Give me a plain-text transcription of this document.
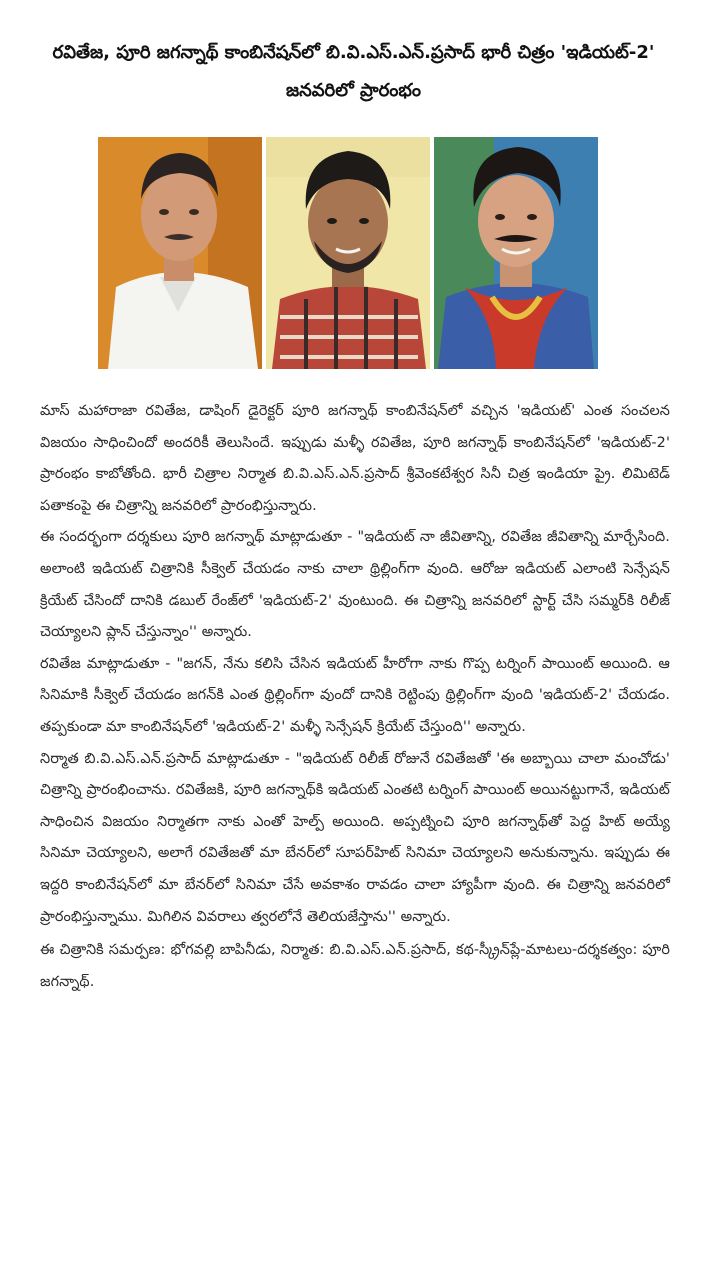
రవితేజ, పూరి జగన్నాథ్ కాంబినేషన్‌లో బి.వి.ఎస్.ఎన్.ప్రసాద్ భారీ చిత్రం 'ఇడియట్-2'
జనవరిలో ప్రారంభం

మాస్ మహారాజా రవితేజ, డాషింగ్ డైరెక్టర్ పూరి జగన్నాథ్ కాంబినేషన్‌లో వచ్చిన 'ఇడియట్' ఎంత సంచలన విజయం సాధించిందో అందరికీ తెలుసిందే. ఇప్పుడు మళ్ళీ రవితేజ, పూరి జగన్నాథ్ కాంబినేషన్‌లో 'ఇడియట్-2' ప్రారంభం కాబోతోంది. భారీ చిత్రాల నిర్మాత బి.వి.ఎస్.ఎన్.ప్రసాద్ శ్రీవెంకటేశ్వర సినీ చిత్ర ఇండియా ప్రై. లిమిటెడ్ పతాకంపై ఈ చిత్రాన్ని జనవరిలో ప్రారంభిస్తున్నారు.

ఈ సందర్భంగా దర్శకులు పూరి జగన్నాథ్ మాట్లాడుతూ - "ఇడియట్ నా జీవితాన్ని, రవితేజ జీవితాన్ని మార్చేసింది. అలాంటి ఇడియట్ చిత్రానికి సీక్వెల్ చేయడం నాకు చాలా థ్రిల్లింగ్‌గా వుంది. ఆరోజు ఇడియట్ ఎలాంటి సెన్సేషన్ క్రియేట్ చేసిందో దానికి డబుల్ రేంజ్‌లో 'ఇడియట్-2' వుంటుంది. ఈ చిత్రాన్ని జనవరిలో స్టార్ట్ చేసి సమ్మర్‌కి రిలీజ్ చెయ్యాలని ప్లాన్ చేస్తున్నాం'' అన్నారు.

రవితేజ మాట్లాడుతూ - "జగన్, నేను కలిసి చేసిన ఇడియట్ హీరోగా నాకు గొప్ప టర్నింగ్ పాయింట్ అయింది. ఆ సినిమాకి సీక్వెల్ చేయడం జగన్‌కి ఎంత థ్రిల్లింగ్‌గా వుందో దానికి రెట్టింపు థ్రిల్లింగ్‌గా వుంది 'ఇడియట్-2' చేయడం. తప్పకుండా మా కాంబినేషన్‌లో 'ఇడియట్-2' మళ్ళీ సెన్సేషన్ క్రియేట్ చేస్తుంది'' అన్నారు.

నిర్మాత బి.వి.ఎస్.ఎన్.ప్రసాద్ మాట్లాడుతూ - "ఇడియట్ రిలీజ్ రోజునే రవితేజతో 'ఈ అబ్బాయి చాలా మంచోడు' చిత్రాన్ని ప్రారంభించాను. రవితేజకి, పూరి జగన్నాథ్‌కి ఇడియట్ ఎంతటి టర్నింగ్ పాయింట్ అయినట్టుగానే, ఇడియట్ సాధించిన విజయం నిర్మాతగా నాకు ఎంతో హెల్ప్ అయింది. అప్పట్నించి పూరి జగన్నాథ్‌తో పెద్ద హిట్ అయ్యే సినిమా చెయ్యాలని, అలాగే రవితేజతో మా బేనర్‌లో సూపర్‌హిట్ సినిమా చెయ్యాలని అనుకున్నాను. ఇప్పుడు ఈ ఇద్దరి కాంబినేషన్‌లో మా బేనర్‌లో సినిమా చేసే అవకాశం రావడం చాలా హ్యాపీగా వుంది. ఈ చిత్రాన్ని జనవరిలో ప్రారంభిస్తున్నాము. మిగిలిన వివరాలు త్వరలోనే తెలియజేస్తాను'' అన్నారు.

ఈ చిత్రానికి సమర్పణ: భోగవల్లి బాపినీడు, నిర్మాత: బి.వి.ఎస్.ఎన్.ప్రసాద్, కథ-స్క్రీన్‌ప్లే-మాటలు-దర్శకత్వం: పూరి జగన్నాథ్.
